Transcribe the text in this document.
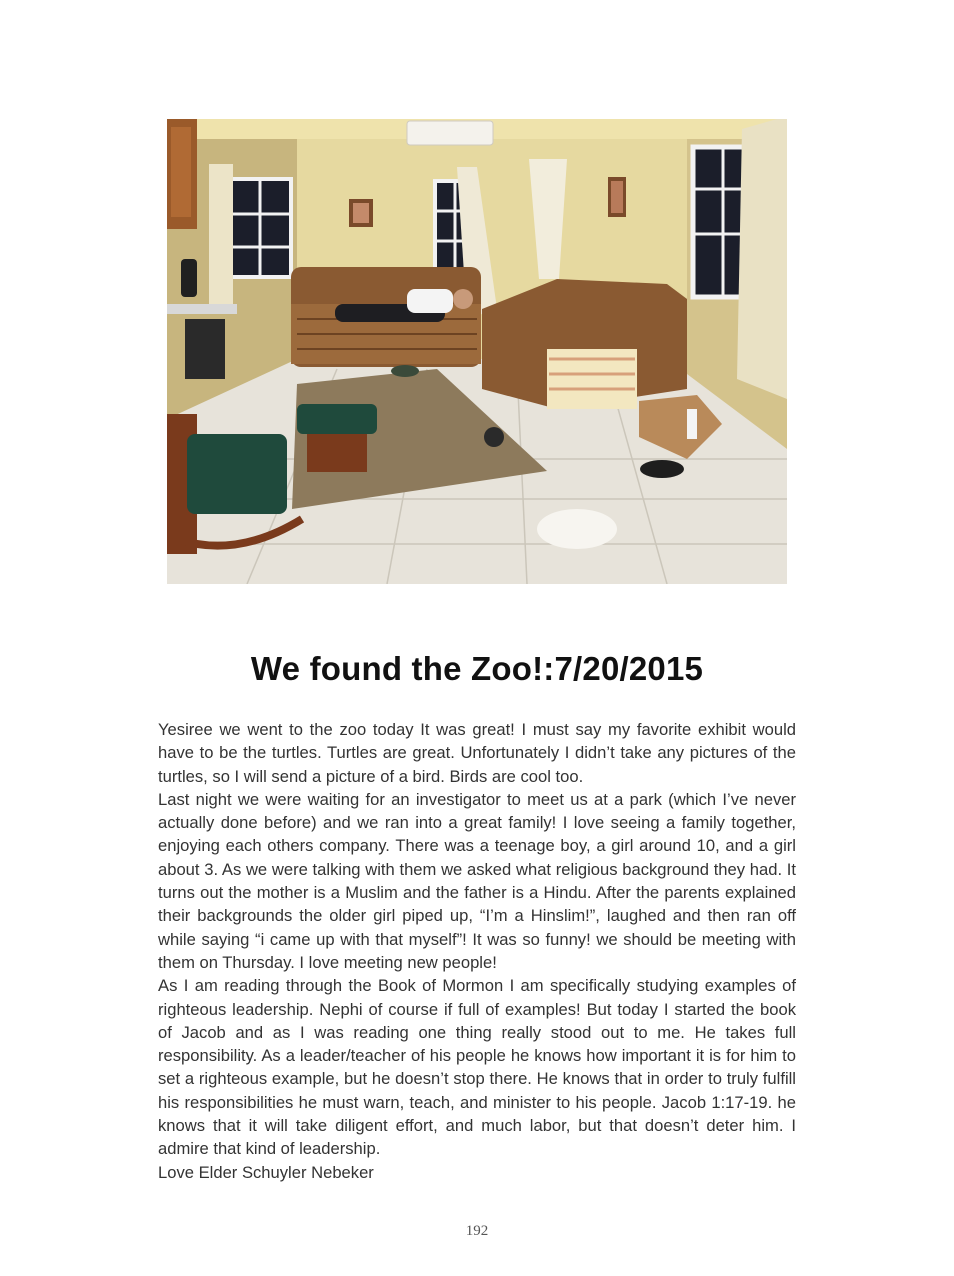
We found the Zoo!:7/20/2015

Yesiree we went to the zoo today It was great! I must say my favorite exhibit would have to be the turtles. Turtles are great. Unfortunately I didn’t take any pictures of the turtles, so I will send a picture of a bird. Birds are cool too.

Last night we were waiting for an investigator to meet us at a park (which I’ve never actually done before) and we ran into a great family! I love seeing a family together, enjoying each others company. There was a teenage boy, a girl around 10, and a girl about 3. As we were talking with them we asked what religious background they had. It turns out the mother is a Muslim and the father is a Hindu. After the parents explained their backgrounds the older girl piped up, “I’m a Hinslim!”, laughed and then ran off while saying “i came up with that myself”! It was so funny! we should be meeting with them on Thursday. I love meeting new people!

As I am reading through the Book of Mormon I am specifically studying examples of righteous leadership. Nephi of course if full of examples! But today I started the book of Jacob and as I was reading one thing really stood out to me. He takes full responsibility. As a leader/teacher of his people he knows how important it is for him to set a righteous example, but he doesn’t stop there. He knows that in order to truly fulfill his responsibilities he must warn, teach, and minister to his people. Jacob 1:17-19. he knows that it will take diligent effort, and much labor, but that doesn’t deter him. I admire that kind of leadership.

Love Elder Schuyler Nebeker

192
